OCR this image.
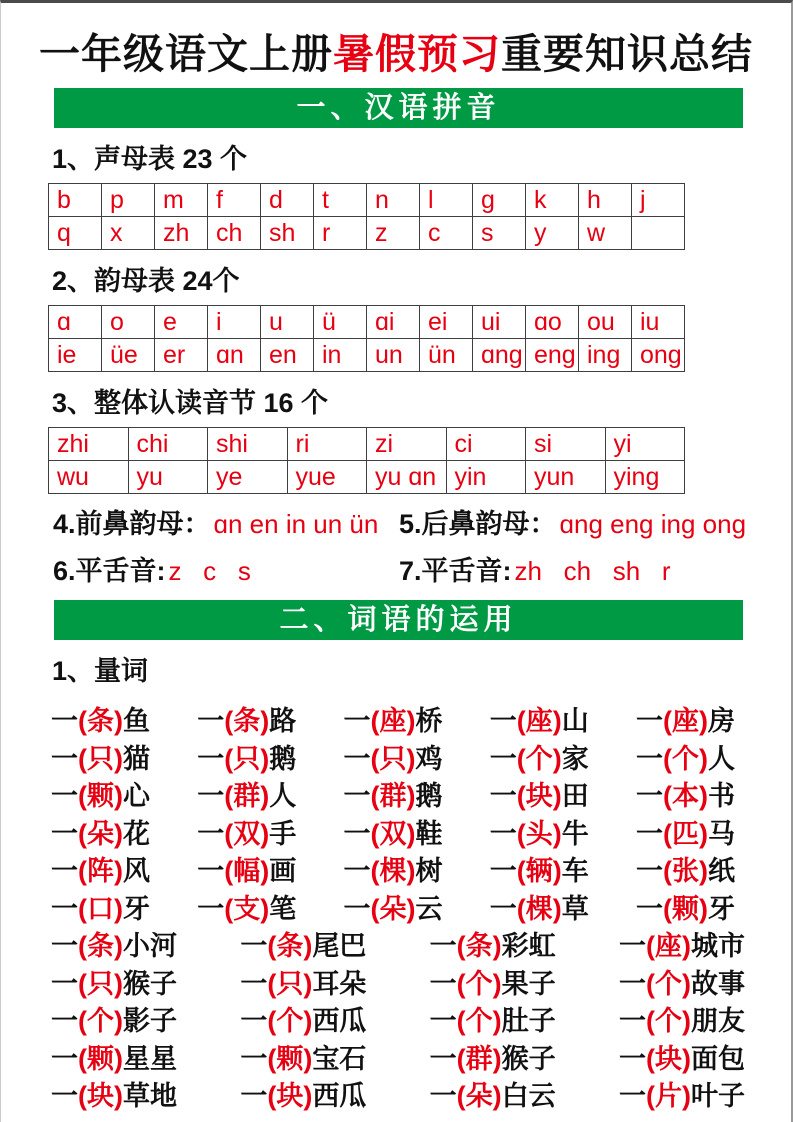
一年级语文上册暑假预习重要知识总结
一、汉语拼音
1、声母表 23 个
b	p	m	f	d	t	n	l	g	k	h	j
q	x	zh	ch	sh	r	z	c	s	y	w	
2、韵母表 24个
ɑ	o	e	i	u	ü	ɑi	ei	ui	ɑo	ou	iu
ie	üe	er	ɑn	en	in	un	ün	ɑng	eng	ing	ong
3、整体认读音节 16 个
zhi	chi	shi	ri	zi	ci	si	yi
wu	yu	ye	yue	yu ɑn	yin	yun	ying
4.前鼻韵母： ɑn en in un ün 5.后鼻韵母： ɑng eng ing ong
6.平舌音: z   c   s	7.平舌音: zh   ch   sh   r
二、词语的运用
1、量词
一(条)鱼 一(条)路 一(座)桥 一(座)山 一(座)房
一(只)猫 一(只)鹅 一(只)鸡 一(个)家 一(个)人
一(颗)心 一(群)人 一(群)鹅 一(块)田 一(本)书
一(朵)花 一(双)手 一(双)鞋 一(头)牛 一(匹)马
一(阵)风 一(幅)画 一(棵)树 一(辆)车 一(张)纸
一(口)牙 一(支)笔 一(朵)云 一(棵)草 一(颗)牙
一(条)小河 一(条)尾巴 一(条)彩虹 一(座)城市
一(只)猴子 一(只)耳朵 一(个)果子 一(个)故事
一(个)影子 一(个)西瓜 一(个)肚子 一(个)朋友
一(颗)星星 一(颗)宝石 一(群)猴子 一(块)面包
一(块)草地 一(块)西瓜 一(朵)白云 一(片)叶子
